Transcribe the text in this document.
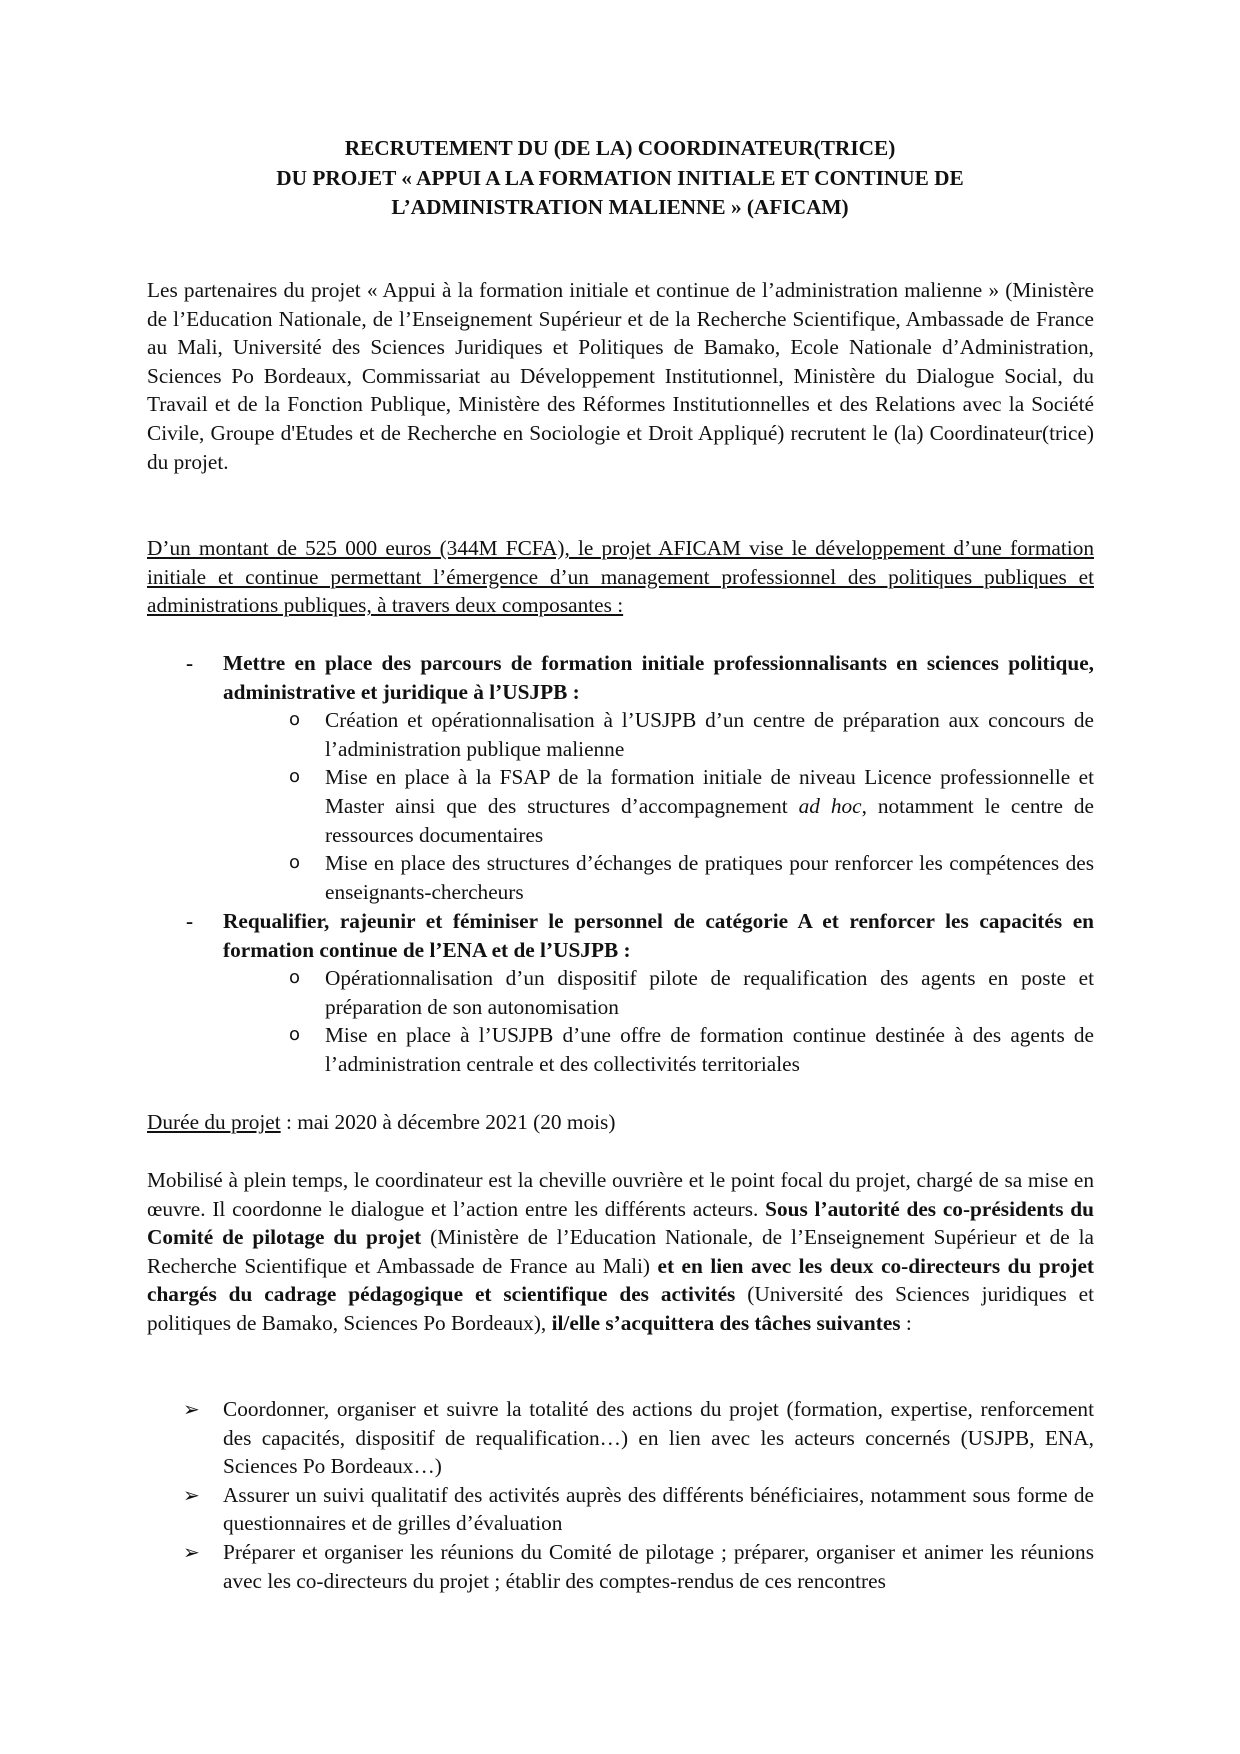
RECRUTEMENT DU (DE LA) COORDINATEUR(TRICE)
DU PROJET « APPUI A LA FORMATION INITIALE ET CONTINUE DE
L’ADMINISTRATION MALIENNE » (AFICAM)
Les partenaires du projet « Appui à la formation initiale et continue de l’administration malienne » (Ministère de l’Education Nationale, de l’Enseignement Supérieur et de la Recherche Scientifique, Ambassade de France au Mali, Université des Sciences Juridiques et Politiques de Bamako, Ecole Nationale d’Administration, Sciences Po Bordeaux, Commissariat au Développement Institutionnel, Ministère du Dialogue Social, du Travail et de la Fonction Publique, Ministère des Réformes Institutionnelles et des Relations avec la Société Civile, Groupe d'Etudes et de Recherche en Sociologie et Droit Appliqué) recrutent le (la) Coordinateur(trice) du projet.
D’un montant de 525 000 euros (344M FCFA), le projet AFICAM vise le développement d’une formation initiale et continue permettant l’émergence d’un management professionnel des politiques publiques et administrations publiques, à travers deux composantes :
- Mettre en place des parcours de formation initiale professionnalisants en sciences politique, administrative et juridique à l’USJPB :
o Création et opérationnalisation à l’USJPB d’un centre de préparation aux concours de l’administration publique malienne
o Mise en place à la FSAP de la formation initiale de niveau Licence professionnelle et Master ainsi que des structures d’accompagnement ad hoc, notamment le centre de ressources documentaires
o Mise en place des structures d’échanges de pratiques pour renforcer les compétences des enseignants-chercheurs
- Requalifier, rajeunir et féminiser le personnel de catégorie A et renforcer les capacités en formation continue de l’ENA et de l’USJPB :
o Opérationnalisation d’un dispositif pilote de requalification des agents en poste et préparation de son autonomisation
o Mise en place à l’USJPB d’une offre de formation continue destinée à des agents de l’administration centrale et des collectivités territoriales
Durée du projet : mai 2020 à décembre 2021 (20 mois)
Mobilisé à plein temps, le coordinateur est la cheville ouvrière et le point focal du projet, chargé de sa mise en œuvre. Il coordonne le dialogue et l’action entre les différents acteurs. Sous l’autorité des co-présidents du Comité de pilotage du projet (Ministère de l’Education Nationale, de l’Enseignement Supérieur et de la Recherche Scientifique et Ambassade de France au Mali) et en lien avec les deux co-directeurs du projet chargés du cadrage pédagogique et scientifique des activités (Université des Sciences juridiques et politiques de Bamako, Sciences Po Bordeaux), il/elle s’acquittera des tâches suivantes :
➢ Coordonner, organiser et suivre la totalité des actions du projet (formation, expertise, renforcement des capacités, dispositif de requalification…) en lien avec les acteurs concernés (USJPB, ENA, Sciences Po Bordeaux…)
➢ Assurer un suivi qualitatif des activités auprès des différents bénéficiaires, notamment sous forme de questionnaires et de grilles d’évaluation
➢ Préparer et organiser les réunions du Comité de pilotage ; préparer, organiser et animer les réunions avec les co-directeurs du projet ; établir des comptes-rendus de ces rencontres
